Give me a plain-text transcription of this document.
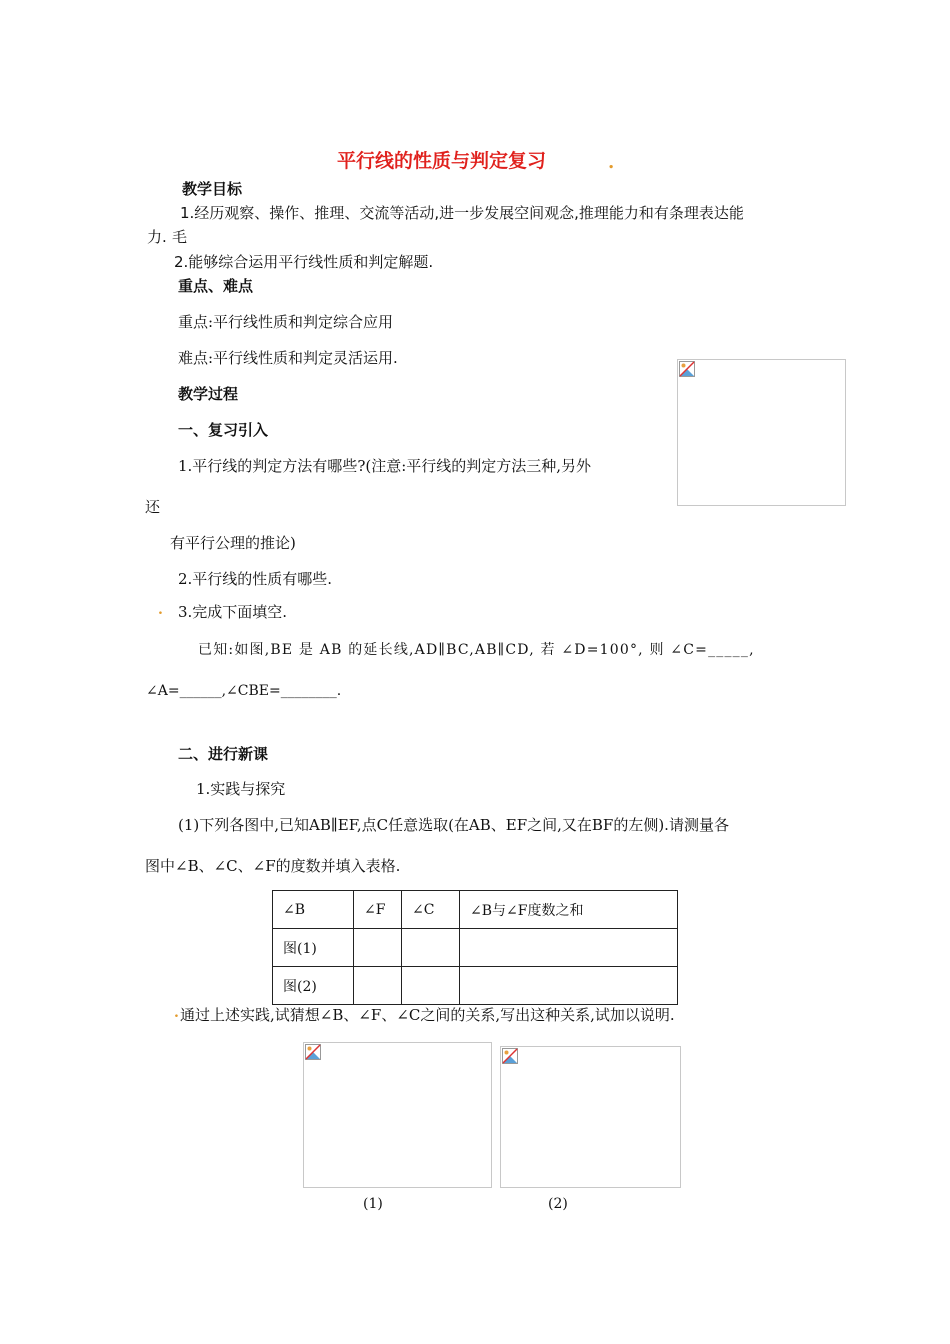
平行线的性质与判定复习	.
教学目标
1.经历观察、操作、推理、交流等活动,进一步发展空间观念,推理能力和有条理表达能
力. 毛
2.能够综合运用平行线性质和判定解题.
重点、难点
重点:平行线性质和判定综合应用
难点:平行线性质和判定灵活运用.
教学过程
一、复习引入
1.平行线的判定方法有哪些?(注意:平行线的判定方法三种,另外
还
有平行公理的推论)
2.平行线的性质有哪些.
. 3.完成下面填空.
已知:如图,BE 是 AB 的延长线,AD∥BC,AB∥CD, 若 ∠D=100°, 则 ∠C=_____,
∠A=______,∠CBE=________.
二、进行新课
1.实践与探究
(1)下列各图中,已知AB∥EF,点C任意选取(在AB、EF之间,又在BF的左侧).请测量各
图中∠B、∠C、∠F的度数并填入表格.
∠B	∠F	∠C	∠B与∠F度数之和
图(1)			
图(2)			
. 通过上述实践,试猜想∠B、∠F、∠C之间的关系,写出这种关系,试加以说明.
(1)	(2)
